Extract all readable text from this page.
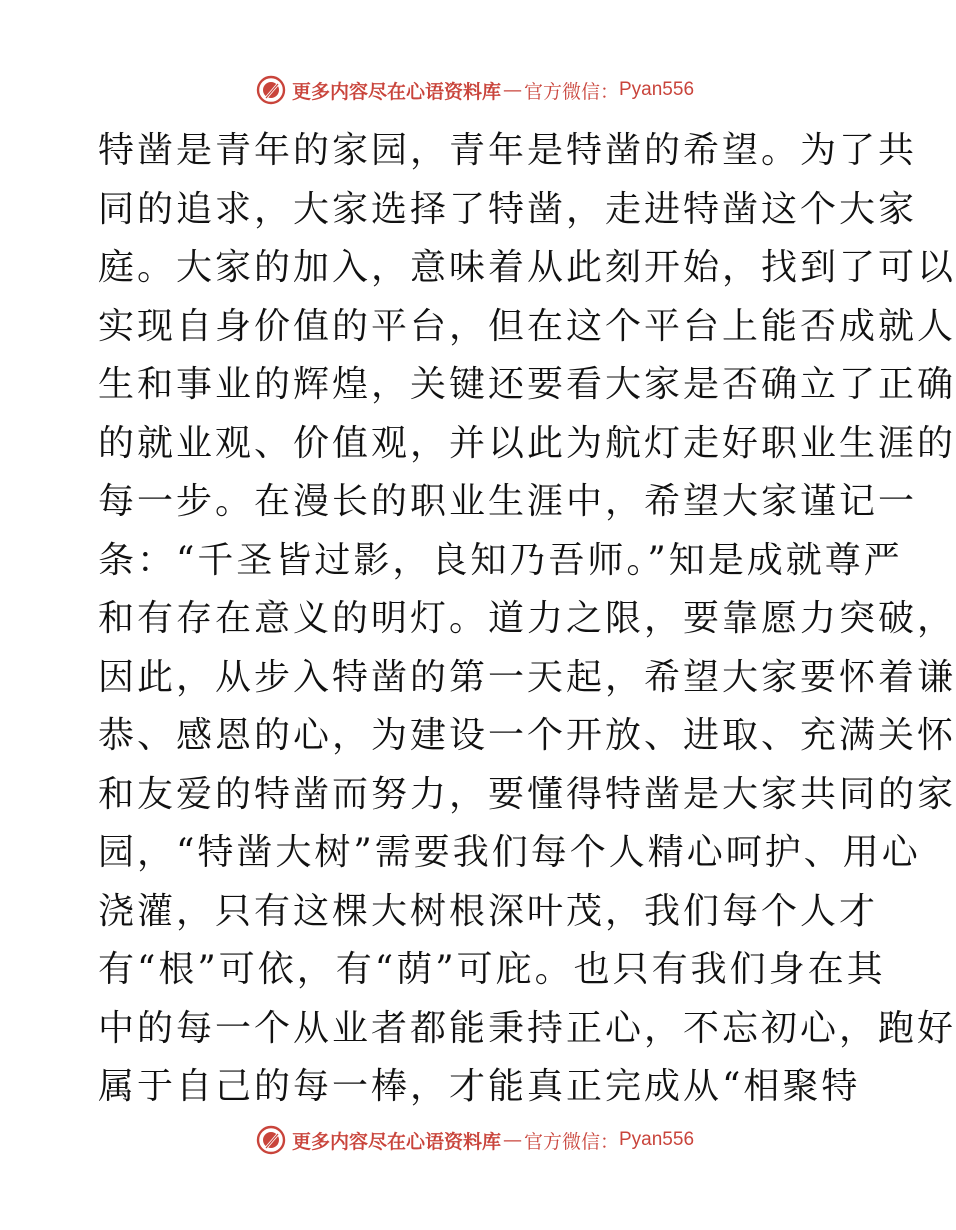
更多内容尽在心语资料库 — 官方微信： Pyan556
特凿是青年的家园，青年是特凿的希望。为了共
同的追求，大家选择了特凿，走进特凿这个大家
庭。大家的加入，意味着从此刻开始，找到了可以
实现自身价值的平台，但在这个平台上能否成就人
生和事业的辉煌，关键还要看大家是否确立了正确
的就业观、价值观，并以此为航灯走好职业生涯的
每一步。在漫长的职业生涯中，希望大家谨记一
条：“千圣皆过影，良知乃吾师。”知是成就尊严
和有存在意义的明灯。道力之限，要靠愿力突破，
因此，从步入特凿的第一天起，希望大家要怀着谦
恭、感恩的心，为建设一个开放、进取、充满关怀
和友爱的特凿而努力，要懂得特凿是大家共同的家
园，“特凿大树”需要我们每个人精心呵护、用心
浇灌，只有这棵大树根深叶茂，我们每个人才
有“根”可依，有“荫”可庇。也只有我们身在其
中的每一个从业者都能秉持正心，不忘初心，跑好
属于自己的每一棒，才能真正完成从“相聚特
更多内容尽在心语资料库 — 官方微信： Pyan556
